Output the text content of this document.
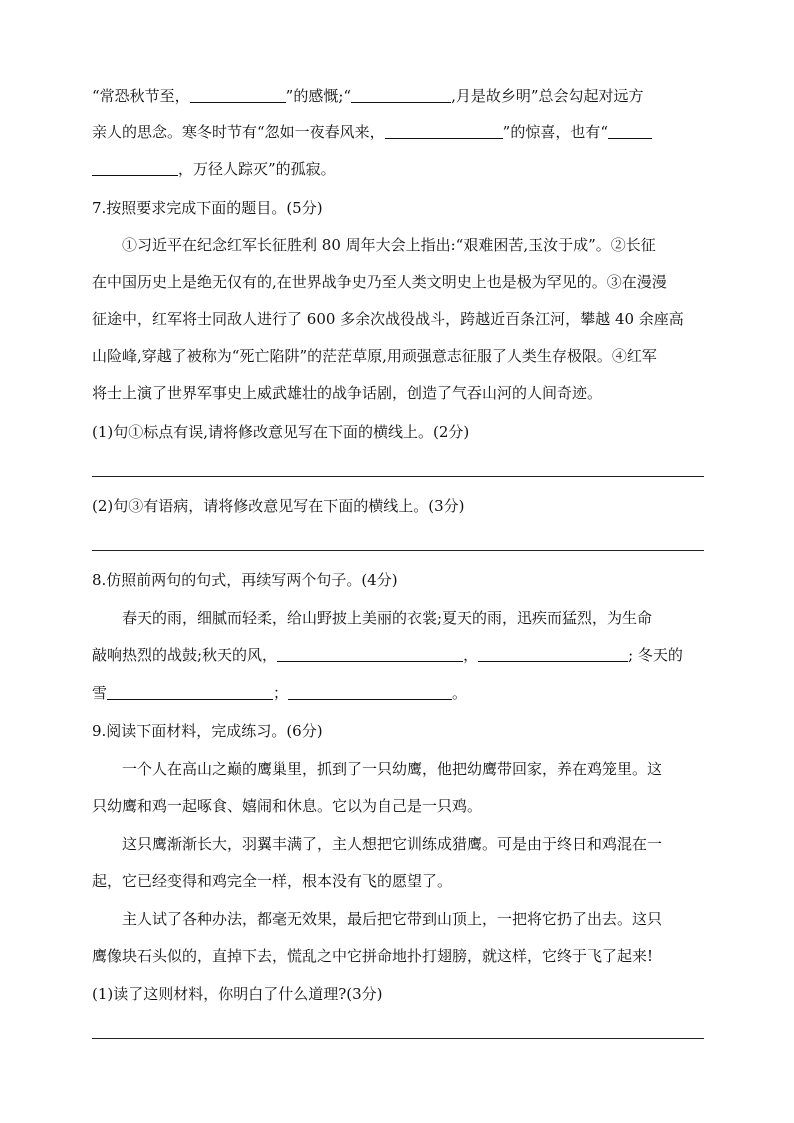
“常恐秋节至，	”的感慨;“	,月是故乡明”总会勾起对远方
亲人的思念。寒冬时节有“忽如一夜春风来，	”的惊喜，也有“
，万径人踪灭”的孤寂。
7.按照要求完成下面的题目。(5分)
①习近平在纪念红军长征胜利 80 周年大会上指出:“艰难困苦,玉汝于成”。②长征
在中国历史上是绝无仅有的,在世界战争史乃至人类文明史上也是极为罕见的。③在漫漫
征途中，红军将士同敌人进行了 600 多余次战役战斗，跨越近百条江河，攀越 40 余座高
山险峰,穿越了被称为“死亡陷阱”的茫茫草原,用顽强意志征服了人类生存极限。④红军
将士上演了世界军事史上威武雄壮的战争话剧，创造了气吞山河的人间奇迹。
(1)句①标点有误,请将修改意见写在下面的横线上。(2分)
(2)句③有语病，请将修改意见写在下面的横线上。(3分)
8.仿照前两句的句式，再续写两个句子。(4分)
春天的雨，细腻而轻柔，给山野披上美丽的衣裳;夏天的雨，迅疾而猛烈，为生命
敲响热烈的战鼓;秋天的风，	，	; 冬天的
雪	；	。
9.阅读下面材料，完成练习。(6分)
一个人在高山之巅的鹰巢里，抓到了一只幼鹰，他把幼鹰带回家，养在鸡笼里。这
只幼鹰和鸡一起啄食、嬉闹和休息。它以为自己是一只鸡。
这只鹰渐渐长大，羽翼丰满了，主人想把它训练成猎鹰。可是由于终日和鸡混在一
起，它已经变得和鸡完全一样，根本没有飞的愿望了。
主人试了各种办法，都毫无效果，最后把它带到山顶上，一把将它扔了出去。这只
鹰像块石头似的，直掉下去，慌乱之中它拼命地扑打翅膀，就这样，它终于飞了起来!
(1)读了这则材料，你明白了什么道理?(3分)
